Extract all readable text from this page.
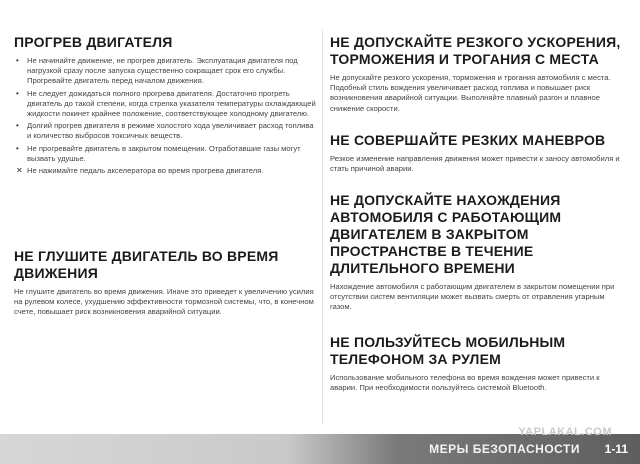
ПРОГРЕВ ДВИГАТЕЛЯ
• Не начинайте движение, не прогрев двигатель. Эксплуатация двигателя под нагрузкой сразу после запуска существенно сокращает срок его службы. Прогревайте двигатель перед началом движения.
• Не следует дожидаться полного прогрева двигателя. Достаточно прогреть двигатель до такой степени, когда стрелка указателя температуры охлаждающей жидкости покинет крайнее положение, соответствующее холодному двигателю.
• Долгий прогрев двигателя в режиме холостого хода увеличивает расход топлива и количество выбросов токсичных веществ.
• Не прогревайте двигатель в закрытом помещении. Отработавшие газы могут вызвать удушье.
✕ Не нажимайте педаль акселератора во время прогрева двигателя.
НЕ ГЛУШИТЕ ДВИГАТЕЛЬ ВО ВРЕМЯ ДВИЖЕНИЯ

Не глушите двигатель во время движения. Иначе это приведет к увеличению усилия на рулевом колесе, ухудшению эффективности тормозной системы, что, в конечном счете, повышает риск возникновения аварийной ситуации.

НЕ ДОПУСКАЙТЕ РЕЗКОГО УСКОРЕНИЯ, ТОРМОЖЕНИЯ И ТРОГАНИЯ С МЕСТА

Не допускайте резкого ускорения, торможения и трогания автомобиля с места. Подобный стиль вождения увеличивает расход топлива и повышает риск возникновения аварийной ситуации. Выполняйте плавный разгон и плавное снижение скорости.

НЕ СОВЕРШАЙТЕ РЕЗКИХ МАНЕВРОВ

Резкое изменение направления движения может привести к заносу автомобиля и стать причиной аварии.

НЕ ДОПУСКАЙТЕ НАХОЖДЕНИЯ АВТОМОБИЛЯ С РАБОТАЮЩИМ ДВИГАТЕЛЕМ В ЗАКРЫТОМ ПРОСТРАНСТВЕ В ТЕЧЕНИЕ ДЛИТЕЛЬНОГО ВРЕМЕНИ

Нахождение автомобиля с работающим двигателем в закрытом помещении при отсутствии систем вентиляции может вызвать смерть от отравления угарным газом.

НЕ ПОЛЬЗУЙТЕСЬ МОБИЛЬНЫМ ТЕЛЕФОНОМ ЗА РУЛЕМ

Использование мобильного телефона во время вождения может привести к аварии. При необходимости пользуйтесь системой Bluetooth.

МЕРЫ БЕЗОПАСНОСТИ 1-11
YAPLAKAL.COM
